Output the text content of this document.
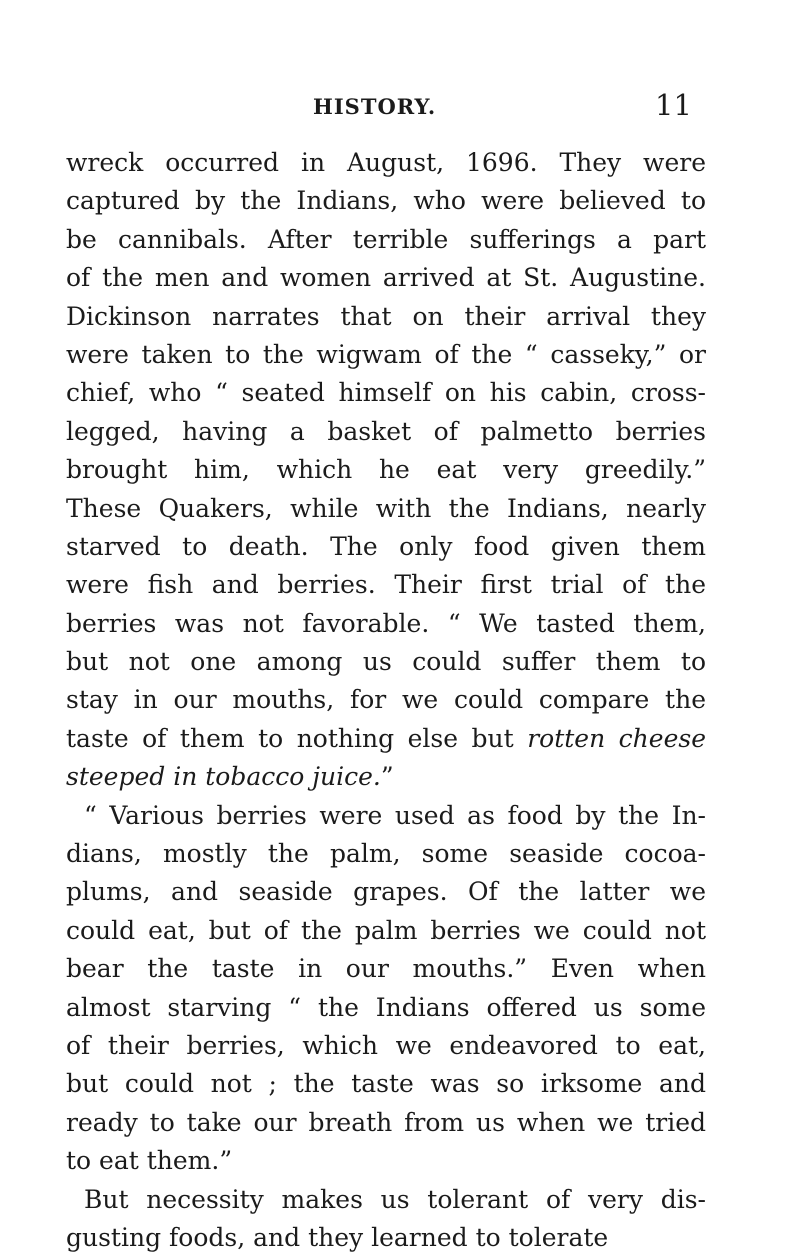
HISTORY.	11
wreck occurred in August, 1696. They were
captured by the Indians, who were believed to
be cannibals. After terrible sufferings a part
of the men and women arrived at St. Augustine.
Dickinson narrates that on their arrival they
were taken to the wigwam of the “ casseky,” or
chief, who “ seated himself on his cabin, cross-
legged, having a basket of palmetto berries
brought him, which he eat very greedily.”
These Quakers, while with the Indians, nearly
starved to death. The only food given them
were fish and berries. Their first trial of the
berries was not favorable. “ We tasted them,
but not one among us could suffer them to
stay in our mouths, for we could compare the
taste of them to nothing else but rotten cheese
steeped in tobacco juice.”
“ Various berries were used as food by the In-
dians, mostly the palm, some seaside cocoa-
plums, and seaside grapes. Of the latter we
could eat, but of the palm berries we could not
bear the taste in our mouths.” Even when
almost starving “ the Indians offered us some
of their berries, which we endeavored to eat,
but could not ; the taste was so irksome and
ready to take our breath from us when we tried
to eat them.”
But necessity makes us tolerant of very dis-
gusting foods, and they learned to tolerate
